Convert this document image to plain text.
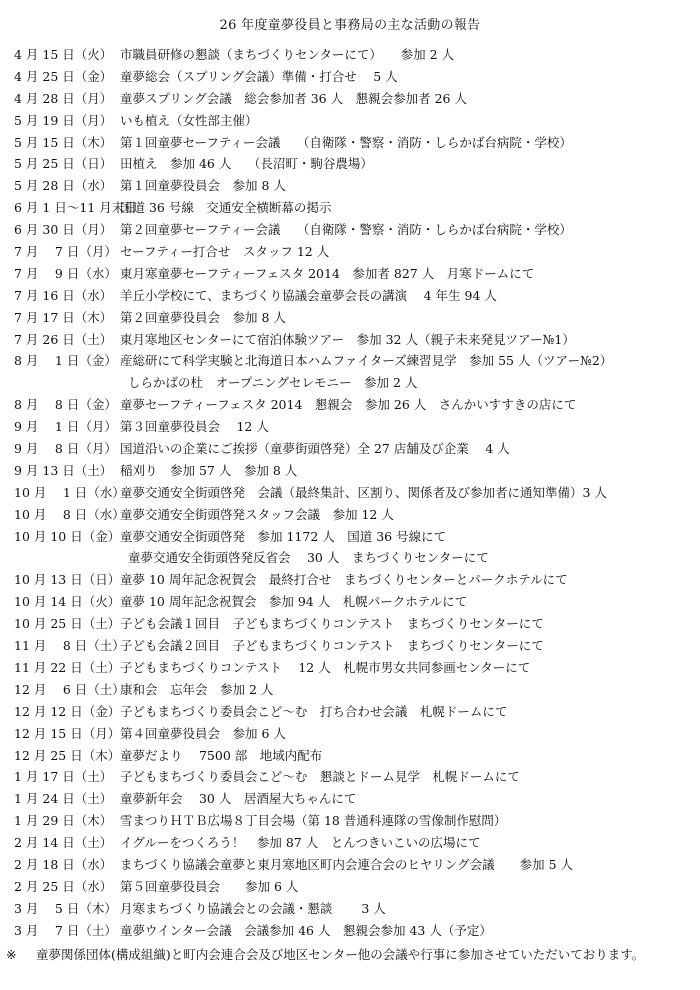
26 年度童夢役員と事務局の主な活動の報告
4 月 15 日（火） 市職員研修の懇談（まちづくりセンターにて）　　参加 2 人
4 月 25 日（金） 童夢総会（スプリング会議）準備・打合せ　 5 人
4 月 28 日（月） 童夢スプリング会議　総会参加者 36 人　懇親会参加者 26 人
5 月 19 日（月） いも植え（女性部主催）
5 月 15 日（木） 第１回童夢セーフティー会議　 （自衛隊・警察・消防・しらかば台病院・学校）
5 月 25 日（日） 田植え　参加 46 人　 （長沼町・駒谷農場）
5 月 28 日（水） 第１回童夢役員会　参加 8 人
6 月 1 日〜11 月末日
国道 36 号線　交通安全横断幕の掲示
6 月 30 日（月） 第２回童夢セーフティー会議　 （自衛隊・警察・消防・しらかば台病院・学校）
7 月　 7 日（月） セーフティー打合せ　スタッフ 12 人
7 月　 9 日（水） 東月寒童夢セーフティーフェスタ 2014　参加者 827 人　月寒ドームにて
7 月 16 日（水） 羊丘小学校にて、まちづくり協議会童夢会長の講演　 4 年生 94 人
7 月 17 日（木） 第２回童夢役員会　参加 8 人
7 月 26 日（土） 東月寒地区センターにて宿泊体験ツアー　参加 32 人（親子未来発見ツアー№1）
8 月　 1 日（金） 産総研にて科学実験と北海道日本ハムファイターズ練習見学　参加 55 人（ツアー№2）
しらかばの杜　オープニングセレモニー　参加 2 人
8 月　 8 日（金） 童夢セーフティーフェスタ 2014　懇親会　参加 26 人　さんかいすすきの店にて
9 月　 1 日（月） 第３回童夢役員会　 12 人
9 月　 8 日（月） 国道沿いの企業にご挨拶（童夢街頭啓発）全 27 店舗及び企業　 4 人
9 月 13 日（土） 稲刈り　参加 57 人　参加 8 人
10 月　 1 日（水）
童夢交通安全街頭啓発　会議（最終集計、区割り、関係者及び参加者に通知準備）3 人
10 月　 8 日（水）
童夢交通安全街頭啓発スタッフ会議　参加 12 人
10 月 10 日（金） 童夢交通安全街頭啓発　参加 1172 人　国道 36 号線にて
童夢交通安全街頭啓発反省会　 30 人　まちづくりセンターにて
10 月 13 日（日） 童夢 10 周年記念祝賀会　最終打合せ　まちづくりセンターとパークホテルにて
10 月 14 日（火） 童夢 10 周年記念祝賀会　参加 94 人　札幌パークホテルにて
10 月 25 日（土） 子ども会議１回目　子どもまちづくりコンテスト　まちづくりセンターにて
11 月　 8 日（土）
子ども会議２回目　子どもまちづくりコンテスト　まちづくりセンターにて
11 月 22 日（土） 子どもまちづくりコンテスト　 12 人　札幌市男女共同参画センターにて
12 月　 6 日（土）
康和会　忘年会　参加 2 人
12 月 12 日（金） 子どもまちづくり委員会こど〜む　打ち合わせ会議　札幌ドームにて
12 月 15 日（月） 第４回童夢役員会　参加 6 人
12 月 25 日（木） 童夢だより　 7500 部　地域内配布
1 月 17 日（土） 子どもまちづくり委員会こど〜む　懇談とドーム見学　札幌ドームにて
1 月 24 日（土） 童夢新年会　 30 人　居酒屋大ちゃんにて
1 月 29 日（木） 雪まつりＨＴＢ広場８丁目会場（第 18 普通科連隊の雪像制作慰問）
2 月 14 日（土） イグルーをつくろう！　参加 87 人　とんつきいこいの広場にて
2 月 18 日（水） まちづくり協議会童夢と東月寒地区町内会連合会のヒヤリング会議　　参加 5 人
2 月 25 日（水） 第５回童夢役員会　　参加 6 人
3 月　 5 日（木） 月寒まちづくり協議会との会議・懇談　　 3 人
3 月　 7 日（土） 童夢ウインター会議　会議参加 46 人　懇親会参加 43 人（予定）
※	童夢関係団体(構成組織)と町内会連合会及び地区センター他の会議や行事に参加させていただいております。
